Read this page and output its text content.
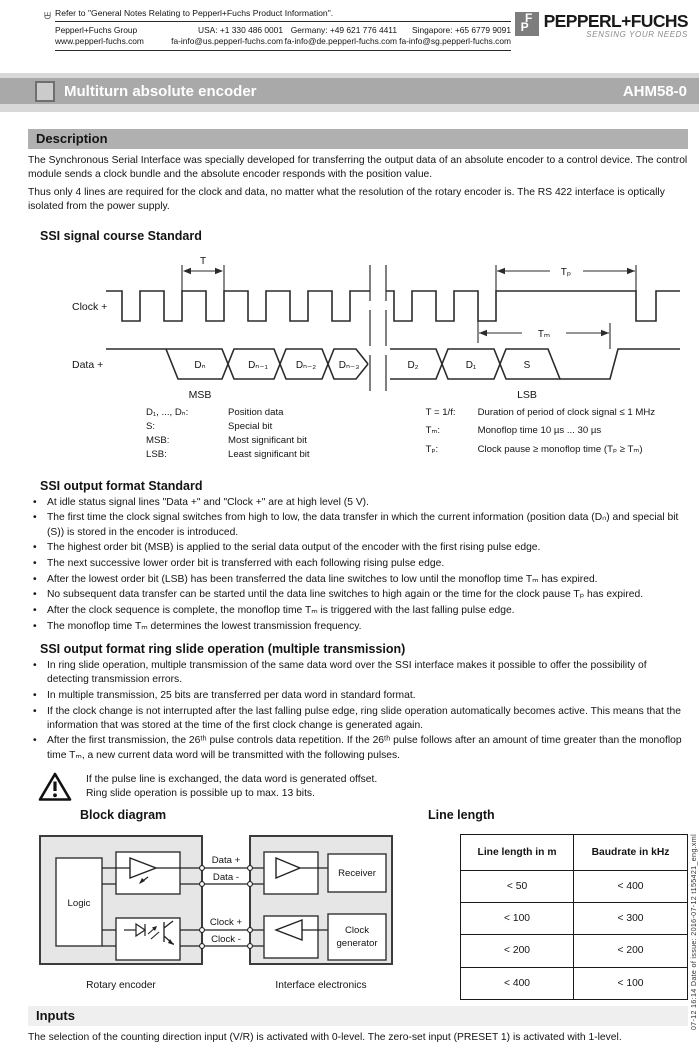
Œ Refer to "General Notes Relating to Pepperl+Fuchs Product Information".
Pepperl+Fuchs Group
www.pepperl-fuchs.com
USA: +1 330 486 0001
fa-info@us.pepperl-fuchs.com
Germany: +49 621 776 4411
fa-info@de.pepperl-fuchs.com
Singapore: +65 6779 9091
fa-info@sg.pepperl-fuchs.com
F
P PEPPERL+FUCHS
SENSING YOUR NEEDS
Multiturn absolute encoder	AHM58-0
Description
The Synchronous Serial Interface was specially developed for transferring the output data of an absolute encoder to a control device. The control module sends a clock bundle and the absolute encoder responds with the position value.
Thus only 4 lines are required for the clock and data, no matter what the resolution of the rotary encoder is. The RS 422 interface is optically isolated from the power supply.
SSI signal course Standard
Clock +
Data +
MSB	LSB
T
Tₚ
Tₘ
Dₙ	Dₙ₋₁	Dₙ₋₂ Dₙ₋₃	D₂	D₁	S
D₁, ..., Dₙ:	Position data
S:	Special bit
MSB:	Most significant bit
LSB:	Least significant bit
T = 1/f:	Duration of period of clock signal ≤ 1 MHz
Tₘ:	Monoflop time 10 µs ... 30 µs
Tₚ:	Clock pause ≥ monoflop time (Tₚ ≥ Tₘ)
SSI output format Standard
•	At idle status signal lines "Data +" and "Clock +" are at high level (5 V).
•	The first time the clock signal switches from high to low, the data transfer in which the current information (position data (Dₙ) and special bit (S)) is stored in the encoder is introduced.
•	The highest order bit (MSB) is applied to the serial data output of the encoder with the first rising pulse edge.
•	The next successive lower order bit is transferred with each following rising pulse edge.
•	After the lowest order bit (LSB) has been transferred the data line switches to low until the monoflop time Tₘ has expired.
•	No subsequent data transfer can be started until the data line switches to high again or the time for the clock pause Tₚ has expired.
•	After the clock sequence is complete, the monoflop time Tₘ is triggered with the last falling pulse edge.
•	The monoflop time Tₘ determines the lowest transmission frequency.
SSI output format ring slide operation (multiple transmission)
•	In ring slide operation, multiple transmission of the same data word over the SSI interface makes it possible to offer the possibility of detecting transmission errors.
•	In multiple transmission, 25 bits are transferred per data word in standard format.
•	If the clock change is not interrupted after the last falling pulse edge, ring slide operation automatically becomes active. This means that the information that was stored at the time of the first clock change is generated again.
•	After the first transmission, the 26ᵗʰ pulse controls data repetition. If the 26ᵗʰ pulse follows after an amount of time greater than the monoflop time Tₘ, a new current data word will be transmitted with the following pulses.
If the pulse line is exchanged, the data word is generated offset.
Ring slide operation is possible up to max. 13 bits.
Block diagram	Line length
Logic
Data +
Data -
Clock +
Clock -
Receiver
Clock
generator
Rotary encoder	Interface electronics
Line length in m	Baudrate in kHz
< 50	< 400
< 100	< 300
< 200	< 200
< 400	< 100
Inputs
The selection of the counting direction input (V/R) is activated with 0-level. The zero-set input (PRESET 1) is activated with 1-level.
07-12 16:14 Date of issue: 2016-07-12 t155421_eng.xml
